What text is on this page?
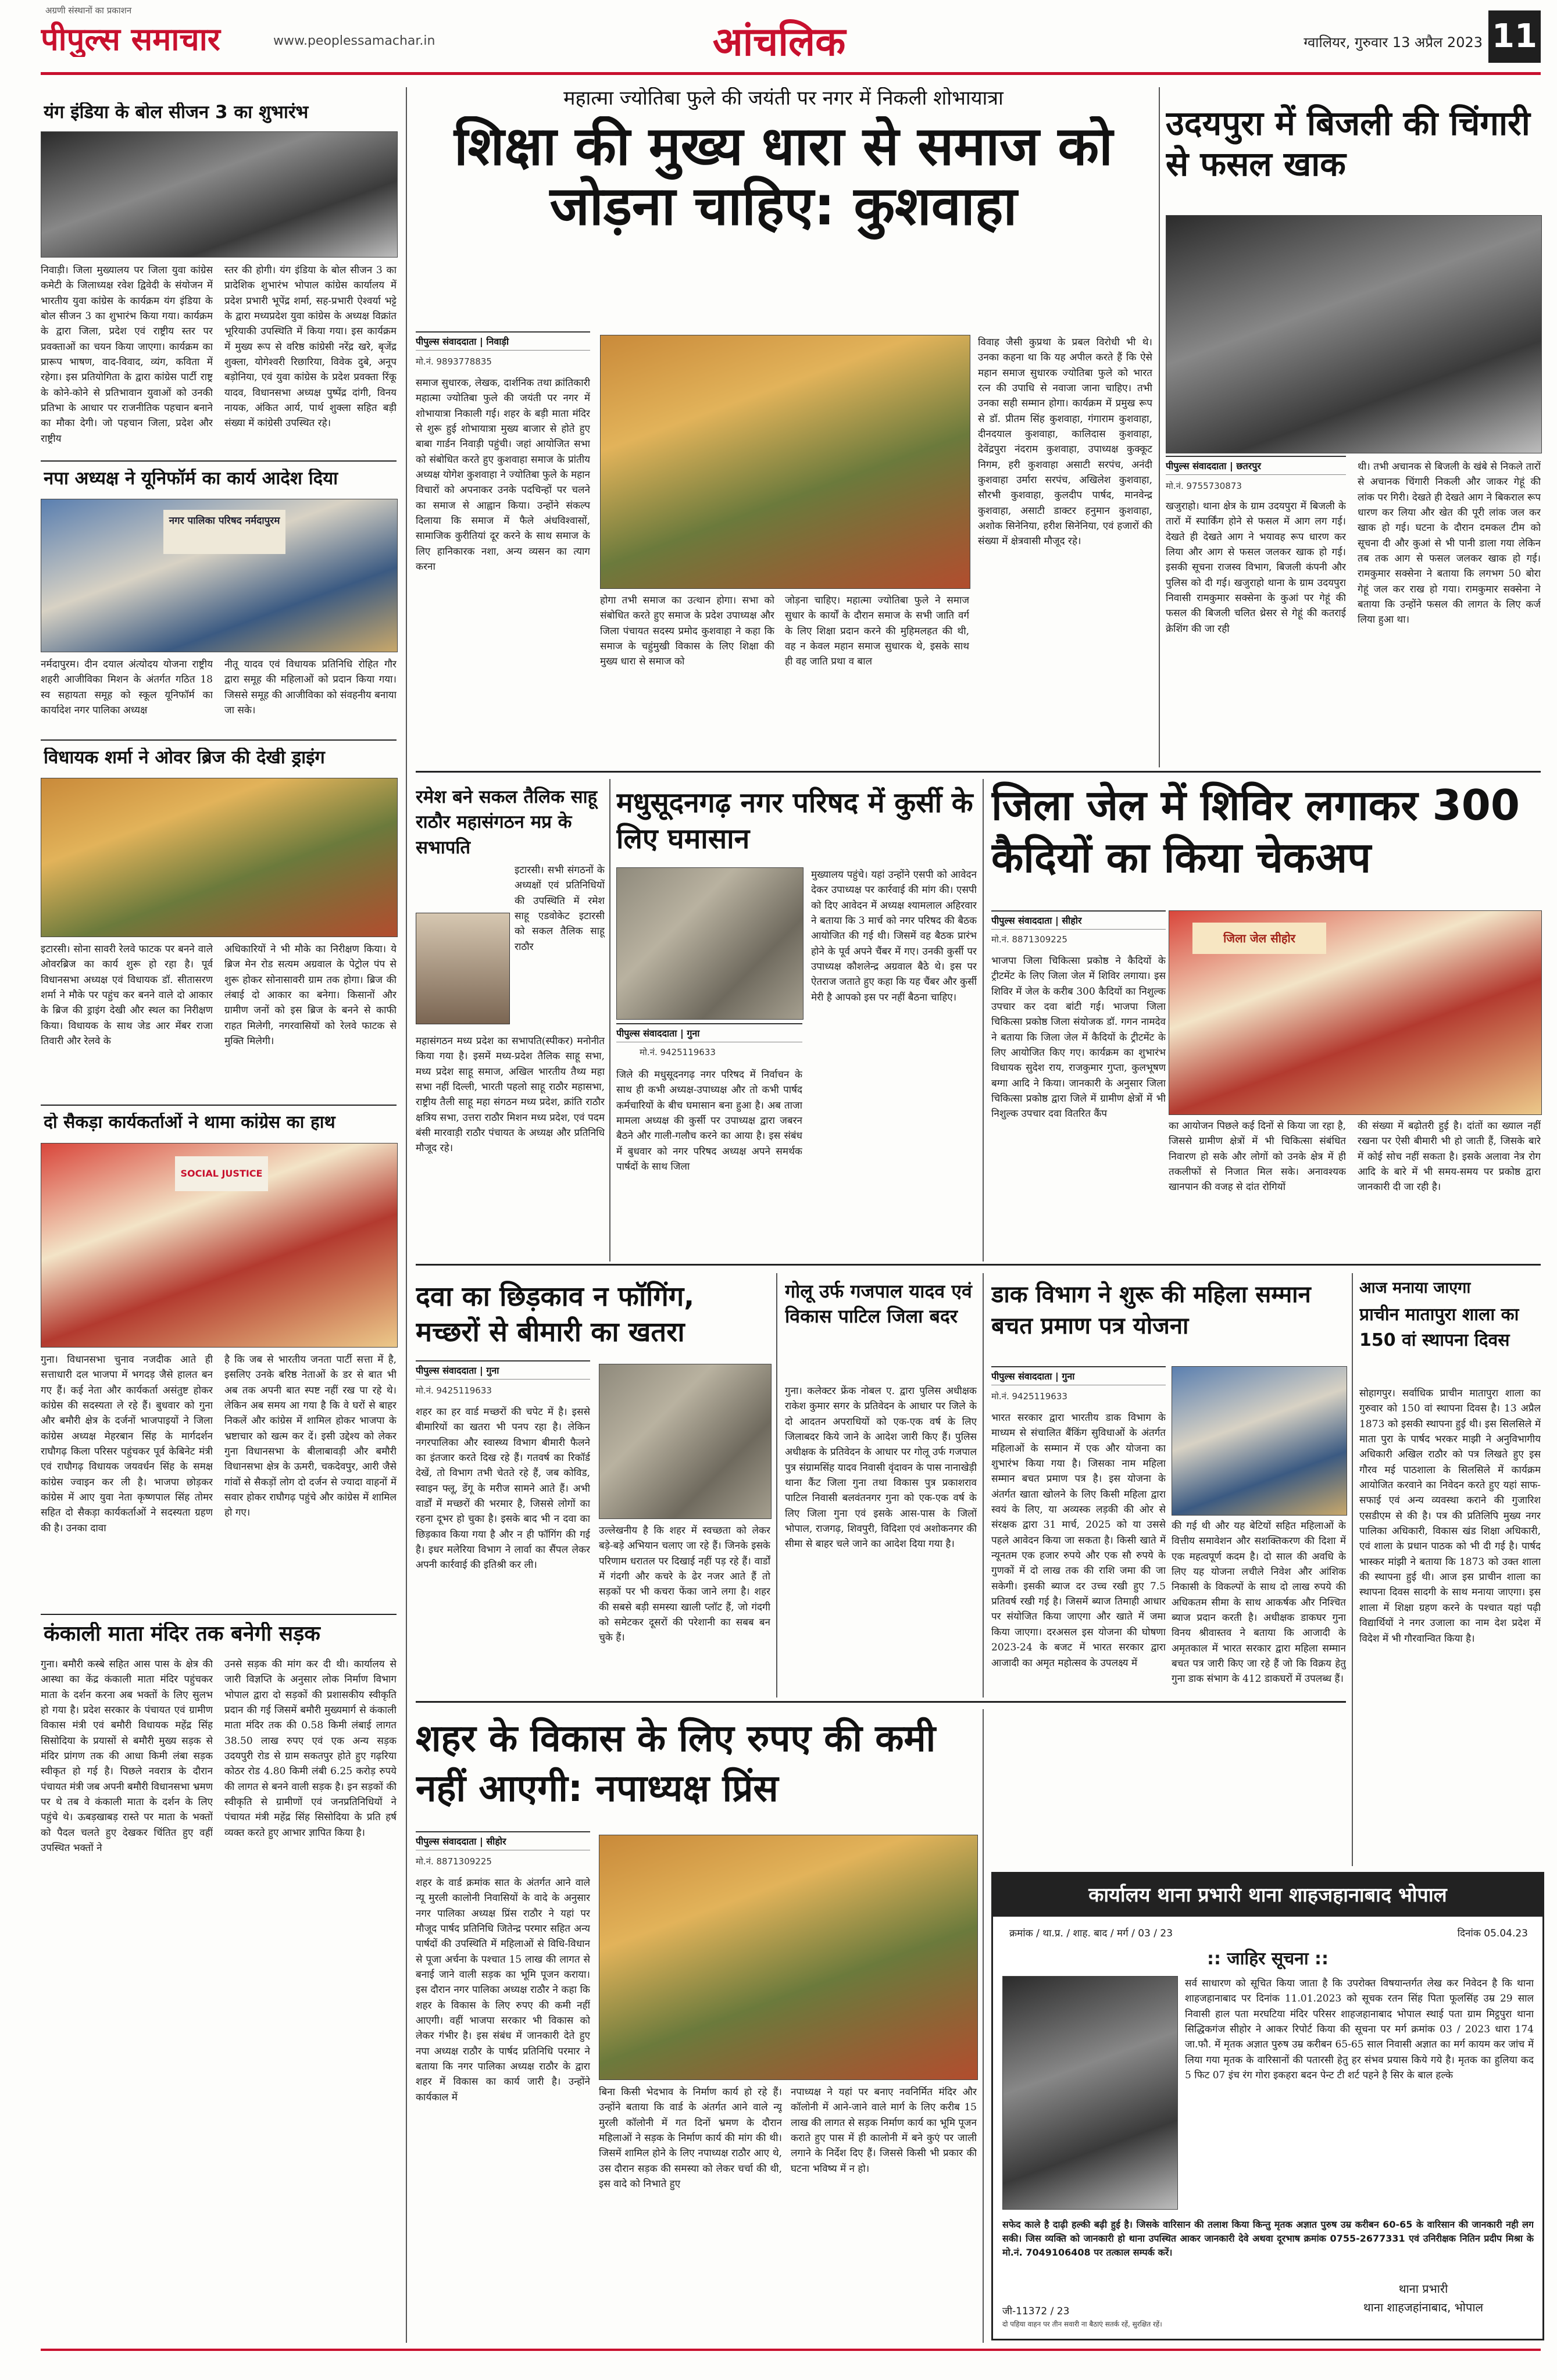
अग्रणी संस्थानों का प्रकाशन
पीपुल्स समाचार	www.peoplessamachar.in	आंचलिक	ग्वालियर, गुरुवार 13 अप्रैल 2023 11
यंग इंडिया के बोल सीजन 3 का शुभारंभ
निवाड़ी। जिला मुख्यालय पर जिला युवा कांग्रेस कमेटी के जिलाध्यक्ष रवेश द्विवेदी के संयोजन में भारतीय युवा कांग्रेस के कार्यक्रम यंग इंडिया के बोल सीजन 3 का शुभारंभ किया गया। कार्यक्रम के द्वारा जिला, प्रदेश एवं राष्ट्रीय स्तर पर प्रवक्ताओं का चयन किया जाएगा। कार्यक्रम का प्रारूप भाषण, वाद-विवाद, व्यंग, कविता में रहेगा। इस प्रतियोगिता के द्वारा कांग्रेस पार्टी राष्ट्र के कोने-कोने से प्रतिभावान युवाओं को उनकी प्रतिभा के आधार पर राजनीतिक पहचान बनाने का मौका देगी। जो पहचान जिला, प्रदेश और राष्ट्रीय
स्तर की होगी। यंग इंडिया के बोल सीजन 3 का प्रादेशिक शुभारंभ भोपाल कांग्रेस कार्यालय में प्रदेश प्रभारी भूपेंद्र शर्मा, सह-प्रभारी ऐश्वर्या भट्टे के द्वारा मध्यप्रदेश युवा कांग्रेस के अध्यक्ष विक्रांत भूरियाकी उपस्थिति में किया गया। इस कार्यक्रम में मुख्य रूप से वरिष्ठ कांग्रेसी नरेंद्र खरे, बृजेंद्र शुक्ला, योगेश्वरी रिछारिया, विवेक दुबे, अनूप बड़ोनिया, एवं युवा कांग्रेस के प्रदेश प्रवक्ता रिंकू यादव, विधानसभा अध्यक्ष पुष्पेंद्र दांगी, विनय नायक, अंकित आर्य, पार्थ शुक्ला सहित बड़ी संख्या में कांग्रेसी उपस्थित रहे।
नपा अध्यक्ष ने यूनिफॉर्म का कार्य आदेश दिया
नगर पालिका परिषद नर्मदापुरम
नर्मदापुरम। दीन दयाल अंत्योदय योजना राष्ट्रीय शहरी आजीविका मिशन के अंतर्गत गठित 18 स्व सहायता समूह को स्कूल यूनिफॉर्म का कार्यादेश नगर पालिका अध्यक्ष
नीतू यादव एवं विधायक प्रतिनिधि रोहित गौर द्वारा समूह की महिलाओं को प्रदान किया गया। जिससे समूह की आजीविका को संवहनीय बनाया जा सके।
विधायक शर्मा ने ओवर ब्रिज की देखी ड्राइंग
इटारसी। सोना सावरी रेलवे फाटक पर बनने वाले ओवरब्रिज का कार्य शुरू हो रहा है। पूर्व विधानसभा अध्यक्ष एवं विधायक डॉ. सीतासरण शर्मा ने मौके पर पहुंच कर बनने वाले दो आकार के ब्रिज की ड्राइंग देखी और स्थल का निरीक्षण किया। विधायक के साथ जेड आर मेंबर राजा तिवारी और रेलवे के
अधिकारियों ने भी मौके का निरीक्षण किया। ये ब्रिज मेन रोड सत्यम अग्रवाल के पेट्रोल पंप से शुरू होकर सोनासावरी ग्राम तक होगा। ब्रिज की लंबाई दो आकार का बनेगा। किसानों और ग्रामीण जनों को इस ब्रिज के बनने से काफी राहत मिलेगी, नगरवासियों को रेलवे फाटक से मुक्ति मिलेगी।
दो सैकड़ा कार्यकर्ताओं ने थामा कांग्रेस का हाथ
SOCIAL JUSTICE
गुना। विधानसभा चुनाव नजदीक आते ही सत्ताधारी दल भाजपा में भगदड़ जैसे हालत बन गए हैं। कई नेता और कार्यकर्ता असंतुष्ट होकर कांग्रेस की सदस्यता ले रहे हैं। बुधवार को गुना और बमौरी क्षेत्र के दर्जनों भाजपाइयों ने जिला कांग्रेस अध्यक्ष मेहरबान सिंह के मार्गदर्शन राघौगढ़ किला परिसर पहुंचकर पूर्व केबिनेट मंत्री एवं राघौगढ़ विधायक जयवर्धन सिंह के समक्ष कांग्रेस ज्वाइन कर ली है। भाजपा छोड़कर कांग्रेस में आए युवा नेता कृष्णपाल सिंह तोमर सहित दो सैकड़ा कार्यकर्ताओं ने सदस्यता ग्रहण की है। उनका दावा
है कि जब से भारतीय जनता पार्टी सत्ता में है, इसलिए उनके बरिष्ठ नेताओं के डर से बात भी अब तक अपनी बात स्पष्ट नहीं रख पा रहे थे। लेकिन अब समय आ गया है कि वे घरों से बाहर निकलें और कांग्रेस में शामिल होकर भाजपा के भ्रष्टाचार को खत्म कर दें। इसी उद्देश्य को लेकर गुना विधानसभा के बीलाबावड़ी और बमौरी विधानसभा क्षेत्र के ऊमरी, चकदेवपुर, आरी जैसे गांवों से सैकड़ों लोग दो दर्जन से ज्यादा वाहनों में सवार होकर राघौगढ़ पहुंचे और कांग्रेस में शामिल हो गए।
कंकाली माता मंदिर तक बनेगी सड़क
गुना। बमौरी कस्बे सहित आस पास के क्षेत्र की आस्था का केंद्र कंकाली माता मंदिर पहुंचकर माता के दर्शन करना अब भक्तों के लिए सुलभ हो गया है। प्रदेश सरकार के पंचायत एवं ग्रामीण विकास मंत्री एवं बमौरी विधायक महेंद्र सिंह सिसोदिया के प्रयासों से बमौरी मुख्य सड़क से मंदिर प्रांगण तक की आधा किमी लंबा सड़क स्वीकृत हो गई है। पिछले नवरात्र के दौरान पंचायत मंत्री जब अपनी बमौरी विधानसभा भ्रमण पर थे तब वे कंकाली माता के दर्शन के लिए पहुंचे थे। ऊबड़खाबड़ रास्ते पर माता के भक्तों को पैदल चलते हुए देखकर चिंतित हुए वहीं उपस्थित भक्तों ने
उनसे सड़क की मांग कर दी थी। कार्यालय से जारी विज्ञप्ति के अनुसार लोक निर्माण विभाग भोपाल द्वारा दो सड़कों की प्रशासकीय स्वीकृति प्रदान की गई जिसमें बमौरी मुख्यमार्ग से कंकाली माता मंदिर तक की 0.58 किमी लंबाई लागत 38.50 लाख रुपए एवं एक अन्य सड़क उदयपुरी रोड से ग्राम सकतपुर होते हुए गढ़रिया कोठर रोड 4.80 किमी लंबी 6.25 करोड़ रुपये की लागत से बनने वाली सड़क है। इन सड़कों की स्वीकृति से ग्रामीणों एवं जनप्रतिनिधियों ने पंचायत मंत्री महेंद्र सिंह सिसोदिया के प्रति हर्ष व्यक्त करते हुए आभार ज्ञापित किया है।
महात्मा ज्योतिबा फुले की जयंती पर नगर में निकली शोभायात्रा
शिक्षा की मुख्य धारा से समाज को जोड़ना चाहिए: कुशवाहा
पीपुल्स संवाददाता | निवाड़ी
मो.नं. 9893778835
समाज सुधारक, लेखक, दार्शनिक तथा क्रांतिकारी महात्मा ज्योतिबा फुले की जयंती पर नगर में शोभायात्रा निकाली गई। शहर के बड़ी माता मंदिर से शुरू हुई शोभायात्रा मुख्य बाजार से होते हुए बाबा गार्डन निवाड़ी पहुंची। जहां आयोजित सभा को संबोधित करते हुए कुशवाहा समाज के प्रांतीय अध्यक्ष योगेश कुशवाहा ने ज्योतिबा फुले के महान विचारों को अपनाकर उनके पदचिन्हों पर चलने का समाज से आह्वान किया। उन्होंने संकल्प दिलाया कि समाज में फैले अंधविश्वासों, सामाजिक कुरीतियां दूर करने के साथ समाज के लिए हानिकारक नशा, अन्य व्यसन का त्याग करना
होगा तभी समाज का उत्थान होगा। सभा को संबोधित करते हुए समाज के प्रदेश उपाध्यक्ष और जिला पंचायत सदस्य प्रमोद कुशवाहा ने कहा कि समाज के चहुंमुखी विकास के लिए शिक्षा की मुख्य धारा से समाज को
जोड़ना चाहिए। महात्मा ज्योतिबा फुले ने समाज सुधार के कार्यों के दौरान समाज के सभी जाति वर्ग के लिए शिक्षा प्रदान करने की मुहिमलहत की थी, वह न केवल महान समाज सुधारक थे, इसके साथ ही वह जाति प्रथा व बाल
विवाह जैसी कुप्रथा के प्रबल विरोधी भी थे। उनका कहना था कि यह अपील करते हैं कि ऐसे महान समाज सुधारक ज्योतिबा फुले को भारत रत्न की उपाधि से नवाजा जाना चाहिए। तभी उनका सही सम्मान होगा। कार्यक्रम में प्रमुख रूप से डॉ. प्रीतम सिंह कुशवाहा, गंगाराम कुशवाहा, दीनदयाल कुशवाहा, कालिदास कुशवाहा, देवेंद्रपुरा नंदराम कुशवाहा, उपाध्यक्ष कुक्कूट निगम, हरी कुशवाहा असाटी सरपंच, अनंदी कुशवाहा उर्मारा सरपंच, अखिलेश कुशवाहा, सौरभी कुशवाहा, कुलदीप पार्षद, मानवेन्द्र कुशवाहा, असाटी डाक्टर हनुमान कुशवाहा, अशोक सिनेनिया, हरीश सिनेनिया, एवं हजारों की संख्या में क्षेत्रवासी मौजूद रहे।
उदयपुरा में बिजली की चिंगारी से फसल खाक
पीपुल्स संवाददाता | छतरपुर
मो.नं. 9755730873
खजुराहो। थाना क्षेत्र के ग्राम उदयपुरा में बिजली के तारों में स्पार्किंग होने से फसल में आग लग गई। देखते ही देखते आग ने भयावह रूप धारण कर लिया और आग से फसल जलकर खाक हो गई। इसकी सूचना राजस्व विभाग, बिजली कंपनी और पुलिस को दी गई। खजुराहो थाना के ग्राम उदयपुरा निवासी रामकुमार सक्सेना के कुआं पर गेहूं की फसल की बिजली चलित थ्रेसर से गेहूं की कतराई क्रेशिंग की जा रही
थी। तभी अचानक से बिजली के खंबे से निकले तारों से अचानक चिंगारी निकली और जाकर गेहूं की लांक पर गिरी। देखते ही देखते आग ने बिकराल रूप धारण कर लिया और खेत की पूरी लांक जल कर खाक हो गई। घटना के दौरान दमकल टीम को सूचना दी और कुआं से भी पानी डाला गया लेकिन तब तक आग से फसल जलकर खाक हो गई। रामकुमार सक्सेना ने बताया कि लगभग 50 बोरा गेहूं जल कर राख हो गया। रामकुमार सक्सेना ने बताया कि उन्होंने फसल की लागत के लिए कर्ज लिया हुआ था।
रमेश बने सकल तैलिक साहू राठौर महासंगठन मप्र के सभापति
इटारसी। सभी संगठनों के अध्यक्षों एवं प्रतिनिधियों की उपस्थिति में रमेश साहू एडवोकेट इटारसी को सकल तैलिक साहू राठौर
महासंगठन मध्य प्रदेश का सभापति(स्पीकर) मनोनीत किया गया है। इसमें मध्य-प्रदेश तैलिक साहू सभा, मध्य प्रदेश साहू समाज, अखिल भारतीय तैथ्य महा सभा नहीं दिल्ली, भारती पहलो साहू राठौर महासभा, राष्ट्रीय तैली साहू महा संगठन मध्य प्रदेश, क्रांति राठौर क्षत्रिय सभा, उत्तरा राठौर मिशन मध्य प्रदेश, एवं पदम बंसी मारवाड़ी राठौर पंचायत के अध्यक्ष और प्रतिनिधि मौजूद रहे।
मधुसूदनगढ़ नगर परिषद में कुर्सी के लिए घमासान
पीपुल्स संवाददाता | गुना
मो.नं. 9425119633
जिले की मधुसूदनगढ़ नगर परिषद में निर्वाचन के साथ ही कभी अध्यक्ष-उपाध्यक्ष और तो कभी पार्षद कर्मचारियों के बीच घमासान बना हुआ है। अब ताजा मामला अध्यक्ष की कुर्सी पर उपाध्यक्ष द्वारा जबरन बैठने और गाली-गलौच करने का आया है। इस संबंध में बुधवार को नगर परिषद अध्यक्ष अपने समर्थक पार्षदों के साथ जिला
मुख्यालय पहुंचे। यहां उन्होंने एसपी को आवेदन देकर उपाध्यक्ष पर कार्रवाई की मांग की। एसपी को दिए आवेदन में अध्यक्ष श्यामलाल अहिरवार ने बताया कि 3 मार्च को नगर परिषद की बैठक आयोजित की गई थी। जिसमें वह बैठक प्रारंभ होने के पूर्व अपने चैंबर में गए। उनकी कुर्सी पर उपाध्यक्ष कौशलेन्द्र अग्रवाल बैठे थे। इस पर ऐतराज जताते हुए कहा कि यह चैंबर और कुर्सी मेरी है आपको इस पर नहीं बैठना चाहिए।
जिला जेल में शिविर लगाकर 300 कैदियों का किया चेकअप
पीपुल्स संवाददाता | सीहोर
मो.नं. 8871309225
भाजपा जिला चिकित्सा प्रकोष्ठ ने कैदियों के ट्रीटमेंट के लिए जिला जेल में शिविर लगाया। इस शिविर में जेल के करीब 300 कैदियों का निशुल्क उपचार कर दवा बांटी गई। भाजपा जिला चिकित्सा प्रकोष्ठ जिला संयोजक डॉ. गगन नामदेव ने बताया कि जिला जेल में कैदियों के ट्रीटमेंट के लिए आयोजित किए गए। कार्यक्रम का शुभारंभ विधायक सुदेश राय, राजकुमार गुप्ता, कुलभूषण बग्गा आदि ने किया। जानकारी के अनुसार जिला चिकित्सा प्रकोष्ठ द्वारा जिले में ग्रामीण क्षेत्रों में भी निशुल्क उपचार दवा वितरित कैंप
जिला जेल सीहोर
का आयोजन पिछले कई दिनों से किया जा रहा है, जिससे ग्रामीण क्षेत्रों में भी चिकित्सा संबंधित निवारण हो सके और लोगों को उनके क्षेत्र में ही तकलीफों से निजात मिल सके। अनावश्यक खानपान की वजह से दांत रोगियों
की संख्या में बढ़ोतरी हुई है। दांतों का ख्याल नहीं रखना पर ऐसी बीमारी भी हो जाती हैं, जिसके बारे में कोई सोच नहीं सकता है। इसके अलावा नेत्र रोग आदि के बारे में भी समय-समय पर प्रकोष्ठ द्वारा जानकारी दी जा रही है।
दवा का छिड़काव न फॉगिंग, मच्छरों से बीमारी का खतरा
पीपुल्स संवाददाता | गुना
मो.नं. 9425119633
शहर का हर वार्ड मच्छरों की चपेट में है। इससे बीमारियों का खतरा भी पनप रहा है। लेकिन नगरपालिका और स्वास्थ्य विभाग बीमारी फैलने का इंतजार करते दिख रहे हैं। गतवर्ष का रिकॉर्ड देखें, तो विभाग तभी चेतते रहे हैं, जब कोविड, स्वाइन फ्लू, डेंगू के मरीज सामने आते हैं। अभी वार्डों में मच्छरों की भरमार है, जिससे लोगों का रहना दूभर हो चुका है। इसके बाद भी न दवा का छिड़काव किया गया है और न ही फॉगिंग की गई है। इधर मलेरिया विभाग ने लार्वा का सैंपल लेकर अपनी कार्रवाई की इतिश्री कर ली।
उल्लेखनीय है कि शहर में स्वच्छता को लेकर बड़े-बड़े अभियान चलाए जा रहे हैं। जिनके इसके परिणाम धरातल पर दिखाई नहीं पड़ रहे हैं। वार्डों में गंदगी और कचरे के ढेर नजर आते हैं तो सड़कों पर भी कचरा फेंका जाने लगा है। शहर की सबसे बड़ी समस्या खाली प्लॉट हैं, जो गंदगी को समेटकर दूसरों की परेशानी का सबब बन चुके हैं।
गोलू उर्फ गजपाल यादव एवं विकास पाटिल जिला बदर
गुना। कलेक्टर फ्रेंक नोबल ए. द्वारा पुलिस अधीक्षक राकेश कुमार सगर के प्रतिवेदन के आधार पर जिले के दो आदतन अपराधियों को एक-एक वर्ष के लिए जिलाबदर किये जाने के आदेश जारी किए हैं। पुलिस अधीक्षक के प्रतिवेदन के आधार पर गोलू उर्फ गजपाल पुत्र संग्रामसिंह यादव निवासी वृंदावन के पास नानाखेड़ी थाना कैंट जिला गुना तथा विकास पुत्र प्रकाशराव पाटिल निवासी बलवंतनगर गुना को एक-एक वर्ष के लिए जिला गुना एवं इसके आस-पास के जिलों भोपाल, राजगढ़, शिवपुरी, विदिशा एवं अशोकनगर की सीमा से बाहर चले जाने का आदेश दिया गया है।
डाक विभाग ने शुरू की महिला सम्मान बचत प्रमाण पत्र योजना
पीपुल्स संवाददाता | गुना
मो.नं. 9425119633
भारत सरकार द्वारा भारतीय डाक विभाग के माध्यम से संचालित बैंकिंग सुविधाओं के अंतर्गत महिलाओं के सम्मान में एक और योजना का शुभारंभ किया गया है। जिसका नाम महिला सम्मान बचत प्रमाण पत्र है। इस योजना के अंतर्गत खाता खोलने के लिए किसी महिला द्वारा स्वयं के लिए, या अव्यस्क लड़की की ओर से संरक्षक द्वारा 31 मार्च, 2025 को या उससे पहले आवेदन किया जा सकता है। किसी खाते में न्यूनतम एक हजार रुपये और एक सौ रुपये के गुणकों में दो लाख तक की राशि जमा की जा सकेगी। इसकी ब्याज दर उच्च रखी हुए 7.5 प्रतिवर्ष रखी गई है। जिसमें ब्याज तिमाही आधार पर संयोजित किया जाएगा और खाते में जमा किया जाएगा। दरअसल इस योजना की घोषणा 2023-24 के बजट में भारत सरकार द्वारा आजादी का अमृत महोत्सव के उपलक्ष्य में
की गई थी और यह बेटियों सहित महिलाओं के वित्तीय समावेशन और सशक्तिकरण की दिशा में एक महत्वपूर्ण कदम है। दो साल की अवधि के लिए यह योजना लचीले निवेश और आंशिक निकासी के विकल्पों के साथ दो लाख रुपये की अधिकतम सीमा के साथ आकर्षक और निश्चित ब्याज प्रदान करती है। अधीक्षक डाकघर गुना विनय श्रीवास्तव ने बताया कि आजादी के अमृतकाल में भारत सरकार द्वारा महिला सम्मान बचत पत्र जारी किए जा रहे हैं जो कि विक्रय हेतु गुना डाक संभाग के 412 डाकघरों में उपलब्ध हैं।
आज मनाया जाएगा
प्राचीन मातापुरा शाला का 150 वां स्थापना दिवस
सोहागपुर। सर्वाधिक प्राचीन मातापुरा शाला का गुरुवार को 150 वां स्थापना दिवस है। 13 अप्रैल 1873 को इसकी स्थापना हुई थी। इस सिलसिले में माता पुरा के पार्षद भरकर माझी ने अनुविभागीय अधिकारी अखिल राठौर को पत्र लिखते हुए इस गौरव मई पाठशाला के सिलसिले में कार्यक्रम आयोजित करवाने का निवेदन करते हुए यहां साफ-सफाई एवं अन्य व्यवस्था कराने की गुजारिश एसडीएम से की है। पत्र की प्रतिलिपि मुख्य नगर पालिका अधिकारी, विकास खंड शिक्षा अधिकारी, एवं शाला के प्रधान पाठक को भी दी गई है। पार्षद भास्कर मांझी ने बताया कि 1873 को उक्त शाला की स्थापना हुई थी। आज इस प्राचीन शाला का स्थापना दिवस सादगी के साथ मनाया जाएगा। इस शाला में शिक्षा ग्रहण करने के पश्चात यहां पढ़ी विद्यार्थियों ने नगर उजाला का नाम देश प्रदेश में विदेश में भी गौरवान्वित किया है।
शहर के विकास के लिए रुपए की कमी नहीं आएगी: नपाध्यक्ष प्रिंस
पीपुल्स संवाददाता | सीहोर
मो.नं. 8871309225
शहर के वार्ड क्रमांक सात के अंतर्गत आने वाले न्यू मुरली कालोनी निवासियों के वादे के अनुसार नगर पालिका अध्यक्ष प्रिंस राठौर ने यहां पर मौजूद पार्षद प्रतिनिधि जितेन्द्र परमार सहित अन्य पार्षदों की उपस्थिति में महिलाओं से विधि-विधान से पूजा अर्चना के पश्चात 15 लाख की लागत से बनाई जाने वाली सड़क का भूमि पूजन कराया। इस दौरान नगर पालिका अध्यक्ष राठौर ने कहा कि शहर के विकास के लिए रुपए की कमी नहीं आएगी। वहीं भाजपा सरकार भी विकास को लेकर गंभीर है। इस संबंध में जानकारी देते हुए नपा अध्यक्ष राठौर के पार्षद प्रतिनिधि परमार ने बताया कि नगर पालिका अध्यक्ष राठौर के द्वारा शहर में विकास का कार्य जारी है। उन्होंने कार्यकाल में	बिना किसी भेदभाव के निर्माण कार्य हो रहे हैं। उन्होंने बताया कि वार्ड के अंतर्गत आने वाले न्यू मुरली कॉलोनी में गत दिनों भ्रमण के दौरान महिलाओं ने सड़क के निर्माण कार्य की मांग की थी। जिसमें शामिल होने के लिए नपाध्यक्ष राठौर आए थे, उस दौरान सड़क की समस्या को लेकर चर्चा की थी, इस वादे को निभाते हुए
नपाध्यक्ष ने यहां पर बनाए नवनिर्मित मंदिर और कॉलोनी में आने-जाने वाले मार्ग के लिए करीब 15 लाख की लागत से सड़क निर्माण कार्य का भूमि पूजन कराते हुए पास में ही कालोनी में बने कुएं पर जाली लगाने के निर्देश दिए हैं। जिससे किसी भी प्रकार की घटना भविष्य में न हो।
कार्यालय थाना प्रभारी थाना शाहजहानाबाद भोपाल
क्रमांक / था.प्र. / शाह. बाद / मर्ग / 03 / 23	दिनांक 05.04.23
:: जाहिर सूचना ::
सर्व साधारण को सूचित किया जाता है कि उपरोक्त विषयान्तर्गत लेख कर निवेदन है कि थाना शाहजहानाबाद पर दिनांक 11.01.2023 को सूचक रतन सिंह पिता फूलसिंह उम्र 29 साल निवासी हाल पता मरघटिया मंदिर परिसर शाहजहानाबाद भोपाल स्थाई पता ग्राम मिट्ठपुरा थाना सिद्धिकगंज सीहोर ने आकर रिपोर्ट किया की सूचना पर मर्ग क्रमांक 03 / 2023 धारा 174 जा.फौ. में मृतक अज्ञात पुरुष उम्र करीबन 65-65 साल निवासी अज्ञात का मर्ग कायम कर जांच में लिया गया मृतक के वारिसानों की पतारसी हेतु हर संभव प्रयास किये गये है। मृतक का हुलिया कद 5 फिट 07 इंच रंग गोरा इकहरा बदन पेन्ट टी शर्ट पहने है सिर के बाल हल्के
सफेद काले है दाढ़ी हल्की बढ़ी हुई है। जिसके वारिसान की तलाश किया किन्तु मृतक अज्ञात पुरुष उम्र करीबन 60-65 के वारिसान की जानकारी नही लग सकी। जिस व्यक्ति को जानकारी हो थाना उपस्थित आकर जानकारी देवे अथवा दूरभाष क्रमांक 0755-2677331 एवं उनिरीक्षक नितिन प्रदीप मिश्रा के मो.नं. 7049106408 पर तत्काल सम्पर्क करें।
थाना प्रभारी
थाना शाहजहांनाबाद, भोपाल
जी-11372 / 23
दो पहिया वाहन पर तीन सवारी ना बैठाएं सतर्क रहें, सुरक्षित रहें।
